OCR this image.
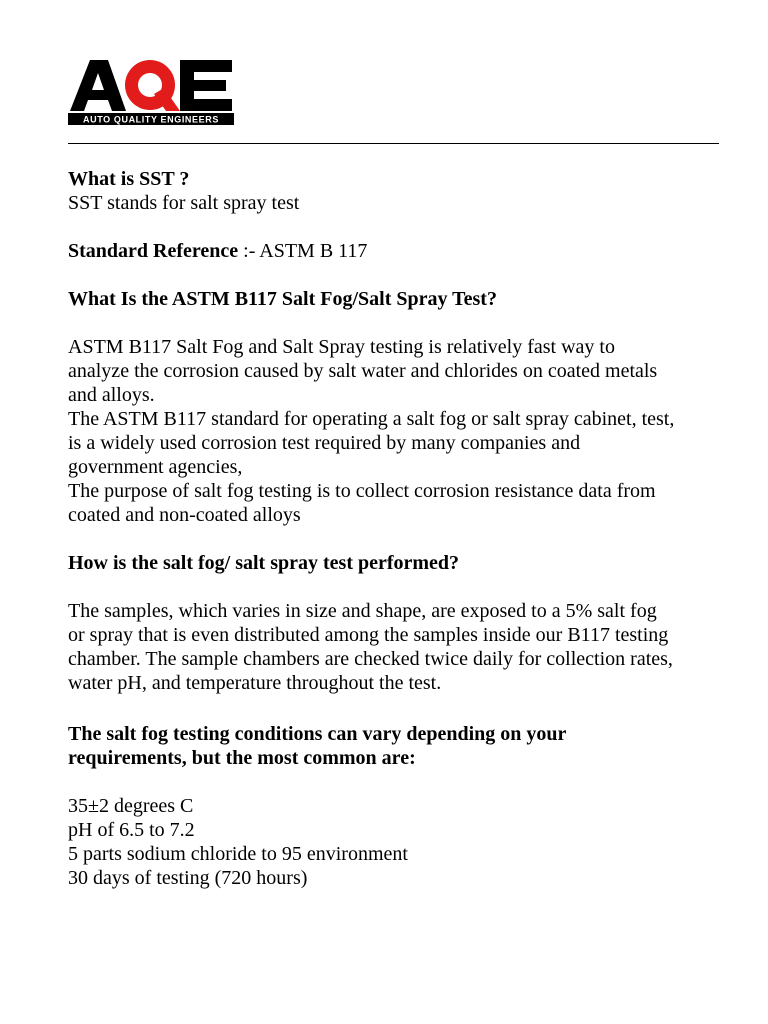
AUTO QUALITY ENGINEERS

What is SST ?

SST stands for salt spray test

Standard Reference :- ASTM B 117

What Is the ASTM B117 Salt Fog/Salt Spray Test?

ASTM B117 Salt Fog and Salt Spray testing is relatively fast way to

analyze the corrosion caused by salt water and chlorides on coated metals

and alloys.

The ASTM B117 standard for operating a salt fog or salt spray cabinet, test,

is a widely used corrosion test required by many companies and

government agencies,

The purpose of salt fog testing is to collect corrosion resistance data from

coated and non-coated alloys

How is the salt fog/ salt spray test performed?

The samples, which varies in size and shape, are exposed to a 5% salt fog

or spray that is even distributed among the samples inside our B117 testing

chamber. The sample chambers are checked twice daily for collection rates,

water pH, and temperature throughout the test.

The salt fog testing conditions can vary depending on your

requirements, but the most common are:

35±2 degrees C

pH of 6.5 to 7.2

5 parts sodium chloride to 95 environment

30 days of testing (720 hours)
